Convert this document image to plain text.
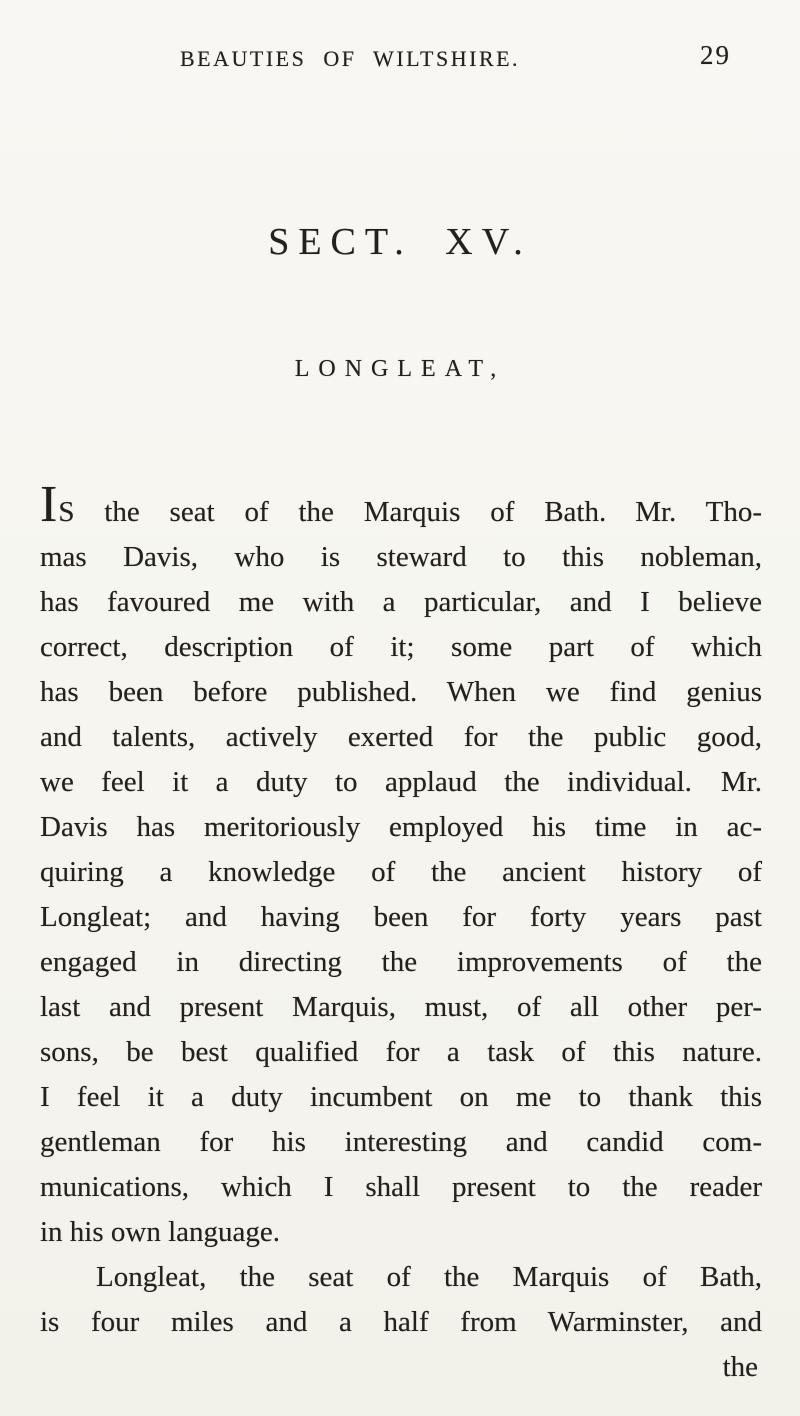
BEAUTIES OF WILTSHIRE.	29
SECT. XV.
LONGLEAT,
IS the seat of the Marquis of Bath. Mr. Tho-
mas Davis, who is steward to this nobleman,
has favoured me with a particular, and I believe
correct, description of it; some part of which
has been before published. When we find genius
and talents, actively exerted for the public good,
we feel it a duty to applaud the individual. Mr.
Davis has meritoriously employed his time in ac-
quiring a knowledge of the ancient history of
Longleat; and having been for forty years past
engaged in directing the improvements of the
last and present Marquis, must, of all other per-
sons, be best qualified for a task of this nature.
I feel it a duty incumbent on me to thank this
gentleman for his interesting and candid com-
munications, which I shall present to the reader
in his own language.
Longleat, the seat of the Marquis of Bath,
is four miles and a half from Warminster, and
the
